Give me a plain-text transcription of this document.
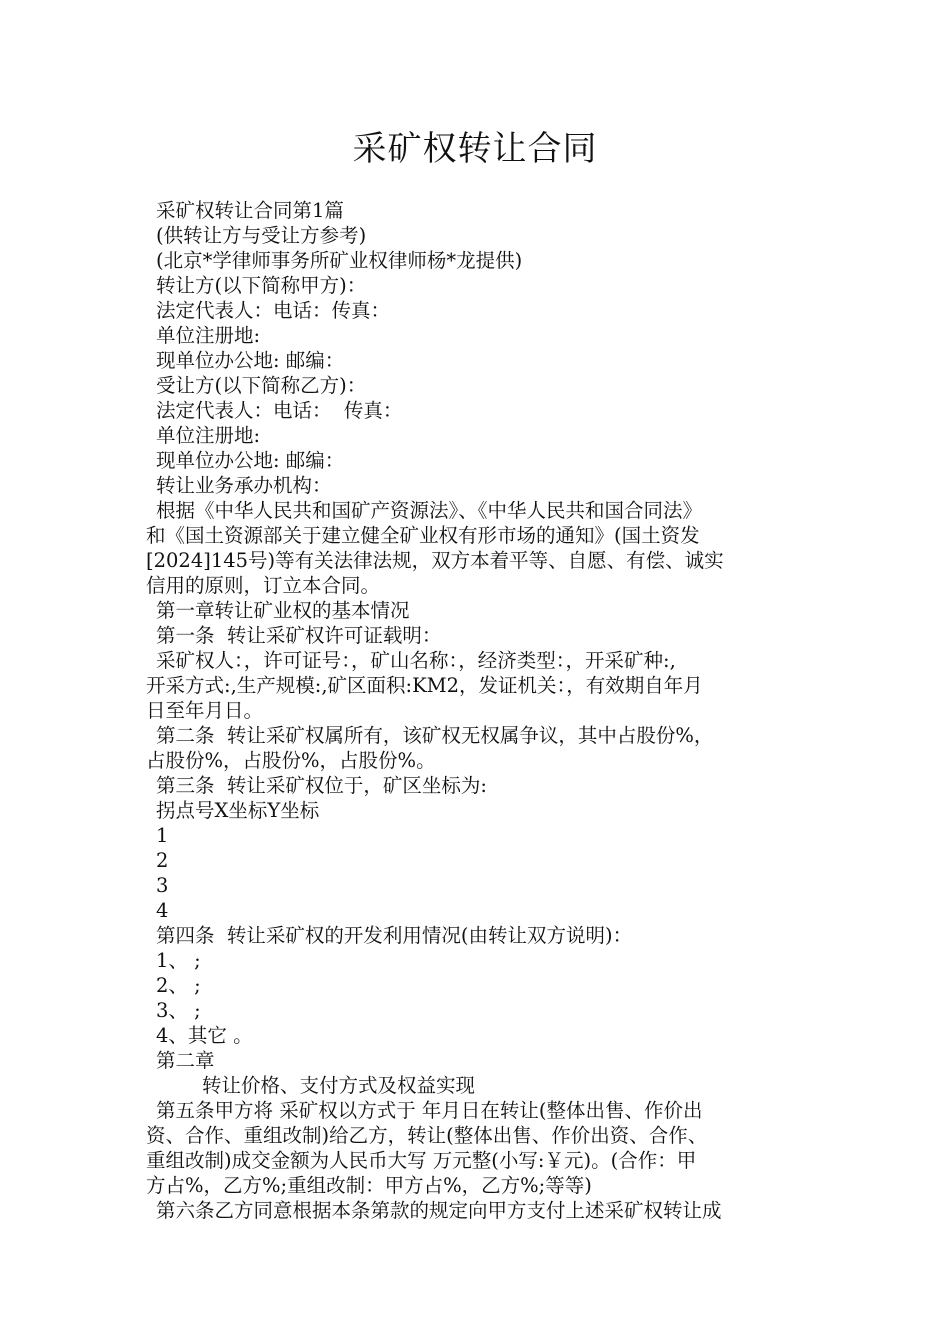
采矿权转让合同

采矿权转让合同第1篇

(供转让方与受让方参考)

(北京*学律师事务所矿业权律师杨*龙提供)

转让方(以下简称甲方)：

法定代表人：电话：传真：

单位注册地:

现单位办公地: 邮编：

受让方(以下简称乙方)：

法定代表人：电话：  传真：

单位注册地:

现单位办公地: 邮编：

转让业务承办机构：

根据《中华人民共和国矿产资源法》、《中华人民共和国合同法》

和《国土资源部关于建立健全矿业权有形市场的通知》(国土资发

[2024]145号)等有关法律法规，双方本着平等、自愿、有偿、诚实

信用的原则，订立本合同。

第一章转让矿业权的基本情况

第一条  转让采矿权许可证载明：

采矿权人：，许可证号：，矿山名称：，经济类型：，开采矿种:,

开采方式:,生产规模:,矿区面积:KM2，发证机关：，有效期自年月

日至年月日。

第二条  转让采矿权属所有，该矿权无权属争议，其中占股份%，

占股份%，占股份%，占股份%。

第三条  转让采矿权位于，矿区坐标为:

拐点号X坐标Y坐标

1

2

3

4

第四条  转让采矿权的开发利用情况(由转让双方说明)：

1、 ;

2、 ;

3、 ;

4、其它 。

第二章

转让价格、支付方式及权益实现

第五条甲方将 采矿权以方式于 年月日在转让(整体出售、作价出

资、合作、重组改制)给乙方，转让(整体出售、作价出资、合作、

重组改制)成交金额为人民币大写 万元整(小写:￥元)。(合作：甲

方占%，乙方%;重组改制：甲方占%，乙方%;等等)

第六条乙方同意根据本条第款的规定向甲方支付上述采矿权转让成
